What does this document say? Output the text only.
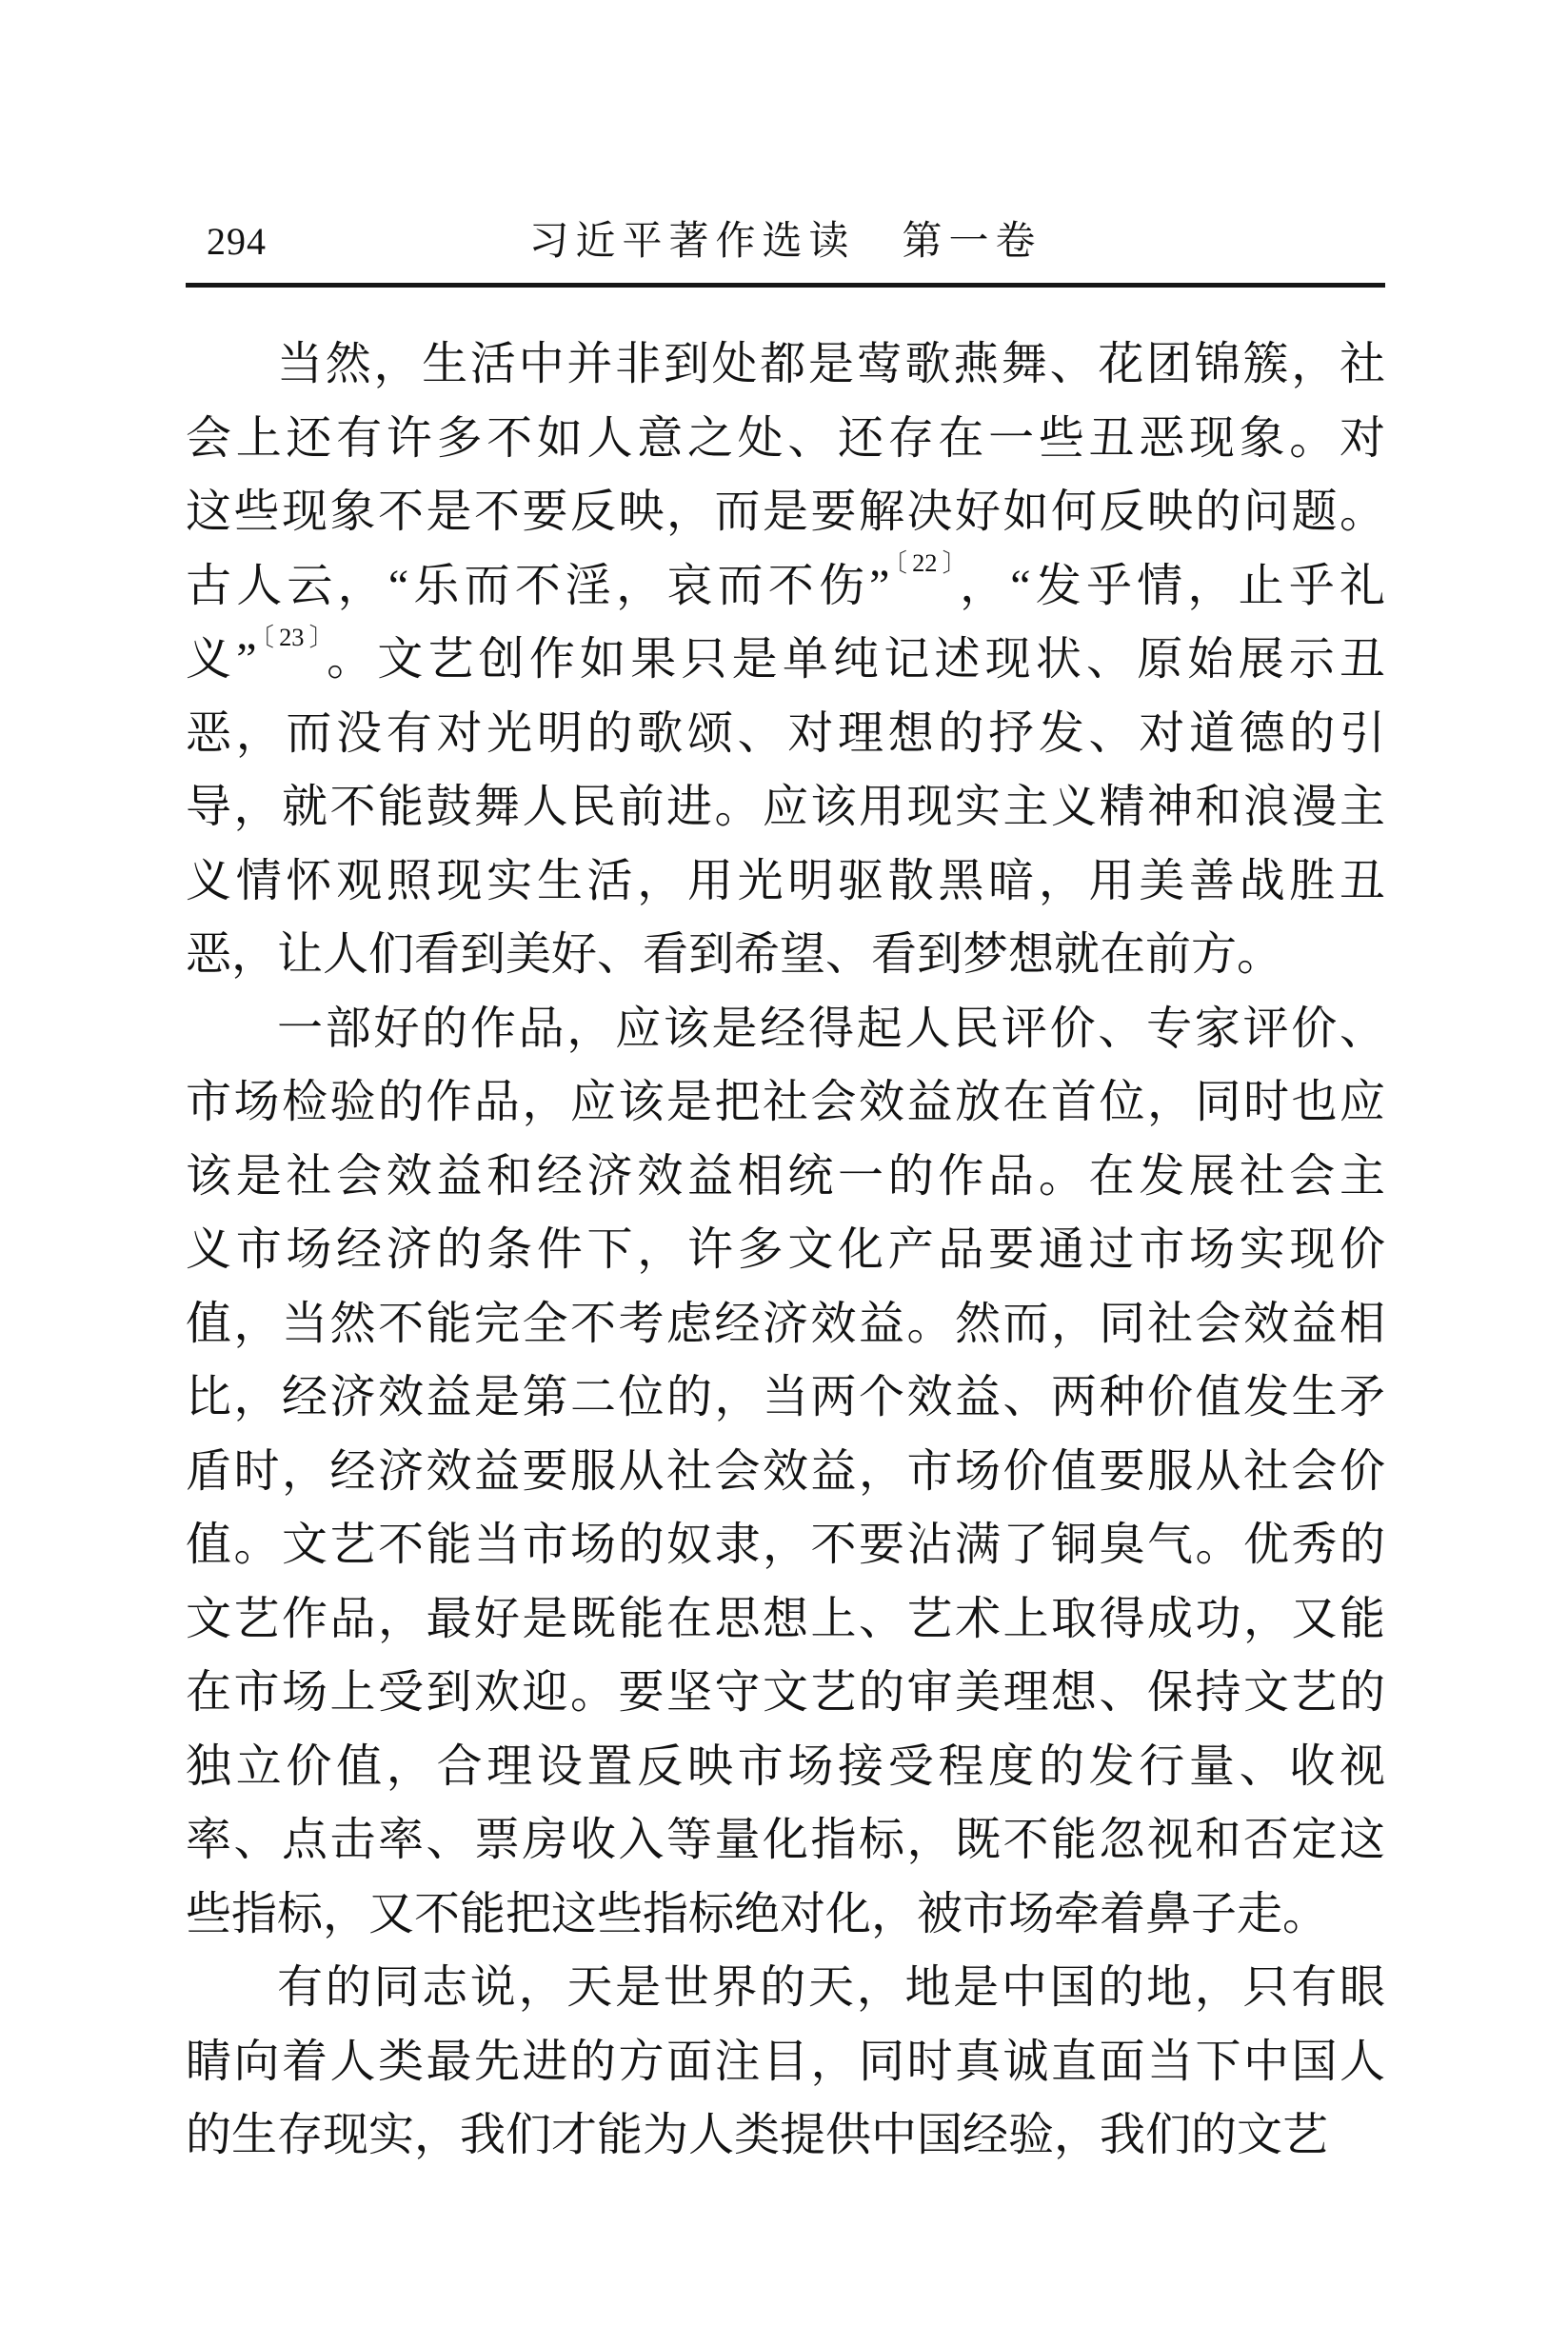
294	习近平著作选读　第一卷
当然，生活中并非到处都是莺歌燕舞、花团锦簇，社
会上还有许多不如人意之处、还存在一些丑恶现象。对
这些现象不是不要反映，而是要解决好如何反映的问题。
古人云，“乐而不淫，哀而不伤”$^{〔22〕}$，“发乎情，止乎礼
义”$^{〔23〕}$。文艺创作如果只是单纯记述现状、原始展示丑
恶，而没有对光明的歌颂、对理想的抒发、对道德的引
导，就不能鼓舞人民前进。应该用现实主义精神和浪漫主
义情怀观照现实生活，用光明驱散黑暗，用美善战胜丑
恶，让人们看到美好、看到希望、看到梦想就在前方。
一部好的作品，应该是经得起人民评价、专家评价、
市场检验的作品，应该是把社会效益放在首位，同时也应
该是社会效益和经济效益相统一的作品。在发展社会主
义市场经济的条件下，许多文化产品要通过市场实现价
值，当然不能完全不考虑经济效益。然而，同社会效益相
比，经济效益是第二位的，当两个效益、两种价值发生矛
盾时，经济效益要服从社会效益，市场价值要服从社会价
值。文艺不能当市场的奴隶，不要沾满了铜臭气。优秀的
文艺作品，最好是既能在思想上、艺术上取得成功，又能
在市场上受到欢迎。要坚守文艺的审美理想、保持文艺的
独立价值，合理设置反映市场接受程度的发行量、收视
率、点击率、票房收入等量化指标，既不能忽视和否定这
些指标，又不能把这些指标绝对化，被市场牵着鼻子走。
有的同志说，天是世界的天，地是中国的地，只有眼
睛向着人类最先进的方面注目，同时真诚直面当下中国人
的生存现实，我们才能为人类提供中国经验，我们的文艺
